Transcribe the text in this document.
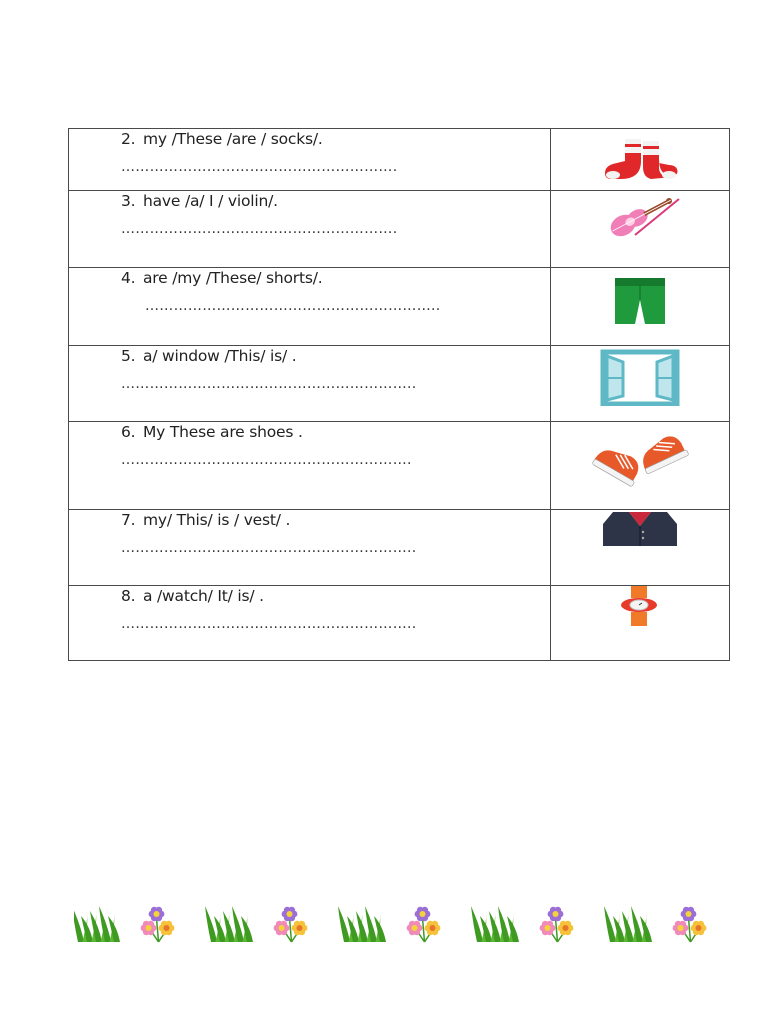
2. my /These /are / socks/.
………………………………………………….

3. have /a/ I / violin/.
………………………………………………….

4. are /my /These/ shorts/.
……………………………………………………..

5. a/ window /This/ is/ .
……………………………………………………..

6. My These are shoes .
…………………………………………………….

7. my/ This/ is / vest/ .
……………………………………………………..

8. a /watch/ It/ is/ .
……………………………………………………..
